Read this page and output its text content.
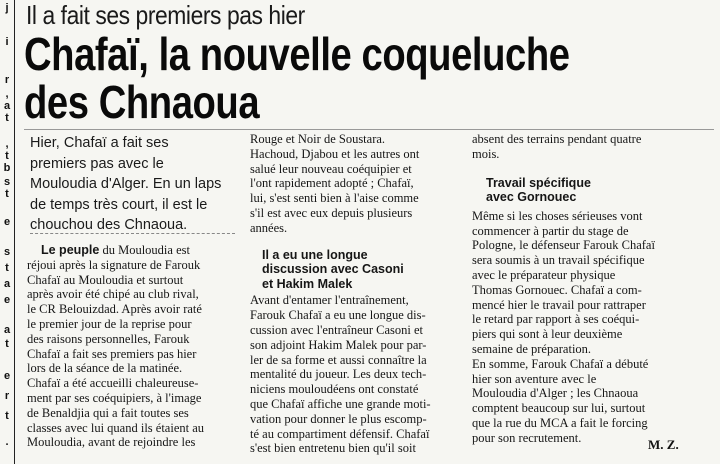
j
i
r
,
a
t
,
t
b
s
t
e
s
t
a
e
a
t
e
r
t
.
Il a fait ses premiers pas hier
Chafaï, la nouvelle coqueluche
des Chnaoua
Hier, Chafaï a fait ses
premiers pas avec le
Mouloudia d'Alger. En un laps
de temps très court, il est le
chouchou des Chnaoua.
Le peuple du Mouloudia est
réjoui après la signature de Farouk
Chafaï au Mouloudia et surtout
après avoir été chipé au club rival,
le CR Belouizdad. Après avoir raté
le premier jour de la reprise pour
des raisons personnelles, Farouk
Chafaï a fait ses premiers pas hier
lors de la séance de la matinée.
Chafaï a été accueilli chaleureuse-
ment par ses coéquipiers, à l'image
de Benaldjia qui a fait toutes ses
classes avec lui quand ils étaient au
Mouloudia, avant de rejoindre les
Rouge et Noir de Soustara.
Hachoud, Djabou et les autres ont
salué leur nouveau coéquipier et
l'ont rapidement adopté ; Chafaï,
lui, s'est senti bien à l'aise comme
s'il est avec eux depuis plusieurs
années.
Il a eu une longue
discussion avec Casoni
et Hakim Malek
Avant d'entamer l'entraînement,
Farouk Chafaï a eu une longue dis-
cussion avec l'entraîneur Casoni et
son adjoint Hakim Malek pour par-
ler de sa forme et aussi connaître la
mentalité du joueur. Les deux tech-
niciens mouloudéens ont constaté
que Chafaï affiche une grande moti-
vation pour donner le plus escomp-
té au compartiment défensif. Chafaï
s'est bien entretenu bien qu'il soit
absent des terrains pendant quatre
mois.
Travail spécifique
avec Gornouec
Même si les choses sérieuses vont
commencer à partir du stage de
Pologne, le défenseur Farouk Chafaï
sera soumis à un travail spécifique
avec le préparateur physique
Thomas Gornouec. Chafaï a com-
mencé hier le travail pour rattraper
le retard par rapport à ses coéqui-
piers qui sont à leur deuxième
semaine de préparation.
En somme, Farouk Chafaï a débuté
hier son aventure avec le
Mouloudia d'Alger ; les Chnaoua
comptent beaucoup sur lui, surtout
que la rue du MCA a fait le forcing
pour son recrutement.	M. Z.
